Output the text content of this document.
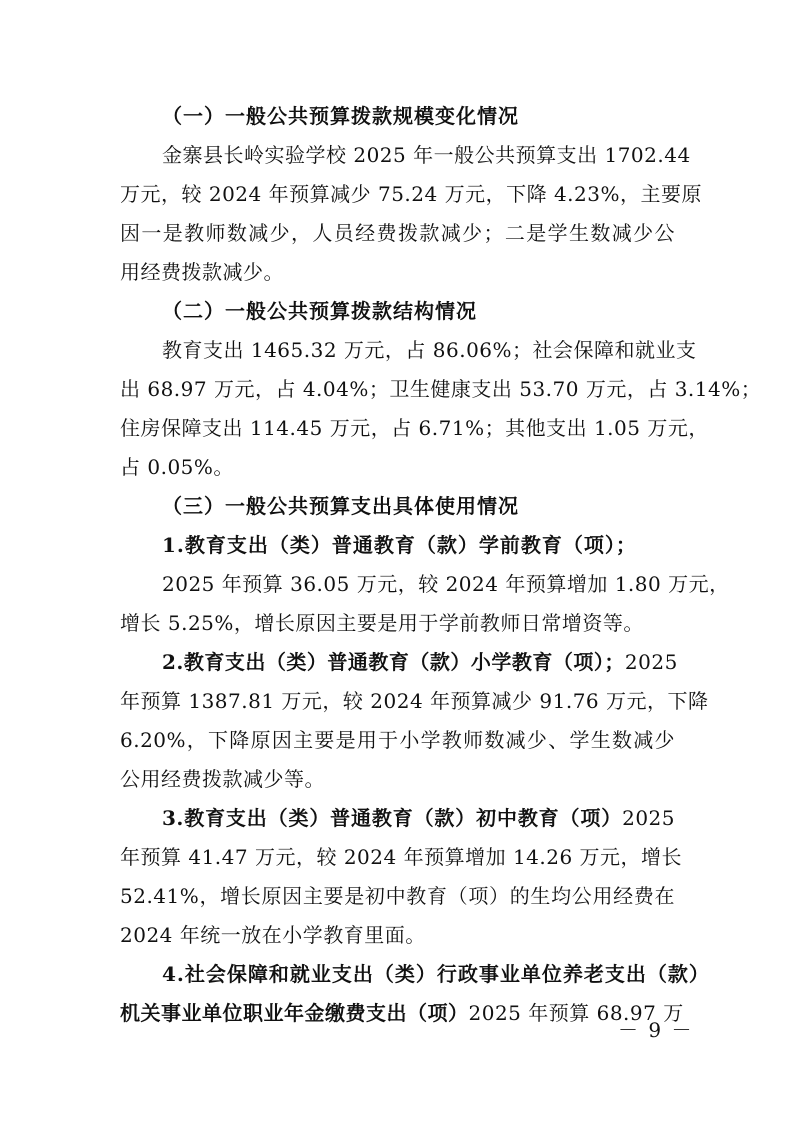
（一）一般公共预算拨款规模变化情况
金寨县长岭实验学校 2025 年一般公共预算支出 1702.44
万元，较 2024 年预算减少 75.24 万元，下降 4.23%，主要原
因一是教师数减少，人员经费拨款减少；二是学生数减少公
用经费拨款减少。
（二）一般公共预算拨款结构情况
教育支出 1465.32 万元，占 86.06%；社会保障和就业支
出 68.97 万元，占 4.04%；卫生健康支出 53.70 万元，占 3.14%；
住房保障支出 114.45 万元，占 6.71%；其他支出 1.05 万元，
占 0.05%。
（三）一般公共预算支出具体使用情况
1.教育支出（类）普通教育（款）学前教育（项）；
2025 年预算 36.05 万元，较 2024 年预算增加 1.80 万元，
增长 5.25%，增长原因主要是用于学前教师日常增资等。
2.教育支出（类）普通教育（款）小学教育（项）；2025
年预算 1387.81 万元，较 2024 年预算减少 91.76 万元，下降
6.20%，下降原因主要是用于小学教师数减少、学生数减少
公用经费拨款减少等。
3.教育支出（类）普通教育（款）初中教育（项）2025
年预算 41.47 万元，较 2024 年预算增加 14.26 万元，增长
52.41%，增长原因主要是初中教育（项）的生均公用经费在
2024 年统一放在小学教育里面。
4.社会保障和就业支出（类）行政事业单位养老支出（款）
机关事业单位职业年金缴费支出（项）2025 年预算 68.97 万
－ 9 －
